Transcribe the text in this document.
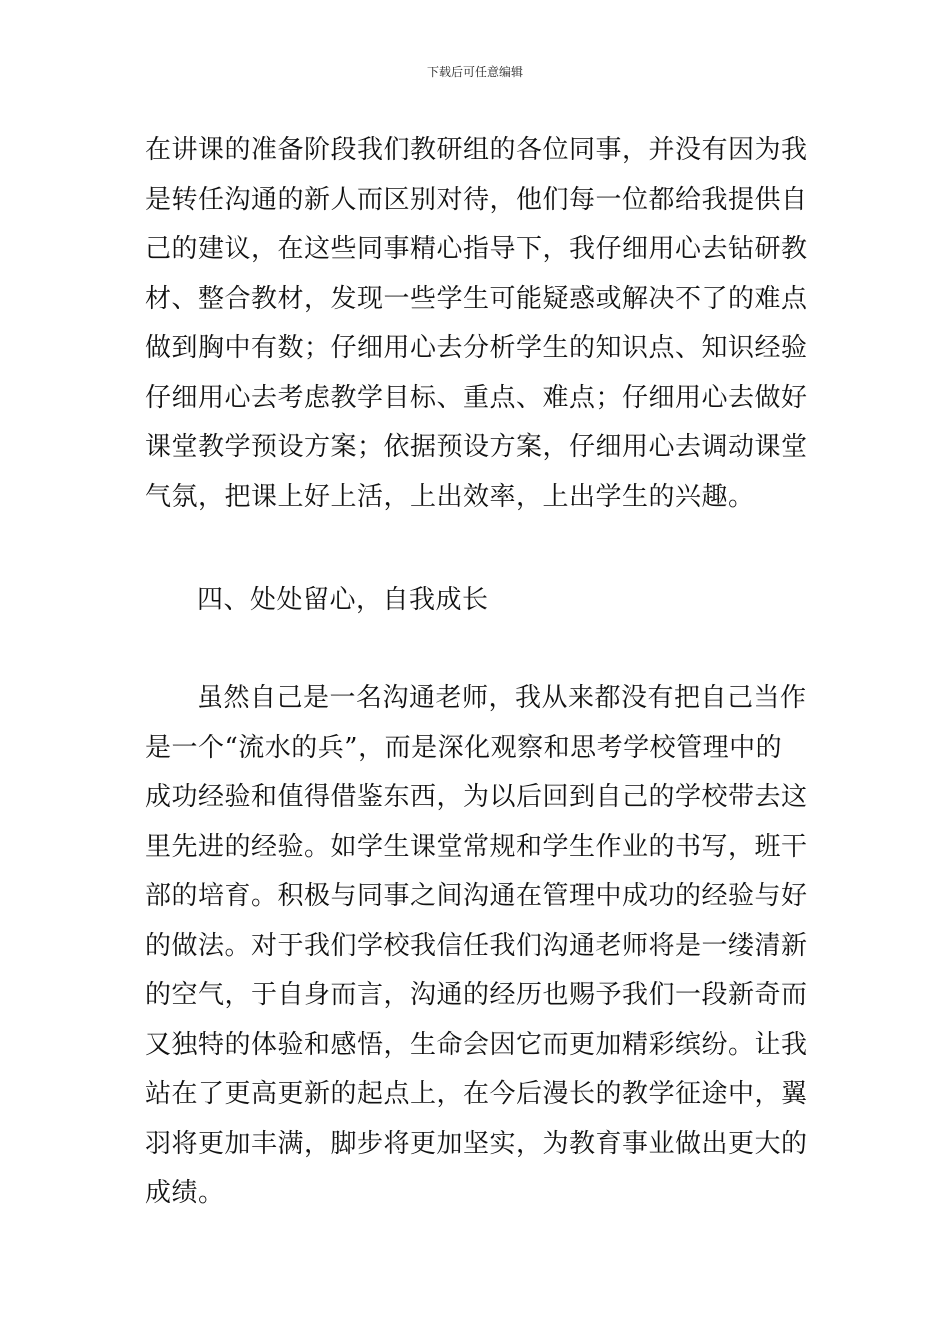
下载后可任意编辑
在讲课的准备阶段我们教研组的各位同事，并没有因为我
是转任沟通的新人而区别对待，他们每一位都给我提供自
己的建议，在这些同事精心指导下，我仔细用心去钻研教
材、整合教材，发现一些学生可能疑惑或解决不了的难点
做到胸中有数；仔细用心去分析学生的知识点、知识经验
仔细用心去考虑教学目标、重点、难点；仔细用心去做好
课堂教学预设方案；依据预设方案，仔细用心去调动课堂
气氛，把课上好上活，上出效率，上出学生的兴趣。
四、处处留心，自我成长
虽然自己是一名沟通老师，我从来都没有把自己当作
是一个“流水的兵”，而是深化观察和思考学校管理中的
成功经验和值得借鉴东西，为以后回到自己的学校带去这
里先进的经验。如学生课堂常规和学生作业的书写，班干
部的培育。积极与同事之间沟通在管理中成功的经验与好
的做法。对于我们学校我信任我们沟通老师将是一缕清新
的空气，于自身而言，沟通的经历也赐予我们一段新奇而
又独特的体验和感悟，生命会因它而更加精彩缤纷。让我
站在了更高更新的起点上，在今后漫长的教学征途中，翼
羽将更加丰满，脚步将更加坚实，为教育事业做出更大的
成绩。
